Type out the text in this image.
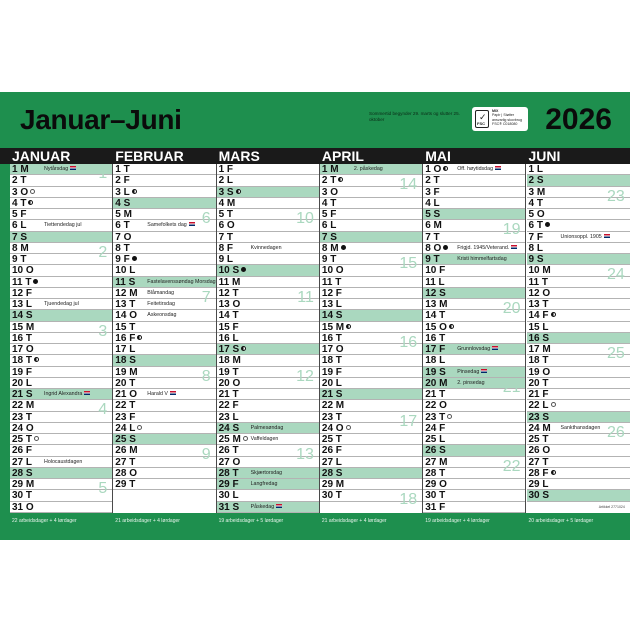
Januar–Juni	Sommertid begynder 29. marts og slutter 25. oktober	✓
FSC
MIX
Papir | Støtter
ansvarlig skovbrug
FSC® C018080 2026
JANUAR
1 M	Nytårsdag
2 T
3 O
4 T
5 F
6 L	Tiettendedag jul
7 S
8 M
9 T
10 O
11 T
12 F
13 L Tjuendedag jul
14 S
15 M
16 T
17 O
18 T
19 F
20 L
21 S Ingrid Alexandra
22 M
23 T
24 O
25 T
26 F
27 L Holocaustdagen
28 S
29 M
30 T
31 O
1
2
3
4
5
FEBRUAR
1 T
2 F
3 L
4 S
5 M
6 T	Samefolkets dag
7 O
8 T
9 F
10 L
11 S Fastelavenssøndag Morsdag
12 M Blåmandag
13 T Feitetirsdag
14 O Askeonsdag
15 T
16 F
17 L
18 S
19 M
20 T
21 O Harald V
22 T
23 F
24 L
25 S
26 M
27 T
28 O
29 T
6
7
8
9
MARS
1 F
2 L
3 S
4 M
5 T
6 O
7 T
8 F	Kvinnedagen
9 L
10 S
11 M
12 T
13 O
14 T
15 F
16 L
17 S
18 M
19 T
20 O
21 T
22 F
23 L
24 S Palmesøndag
25 M	Vaffeldagen
26 T
27 O
28 T Skjærtorsdag
29 F Langfredag
30 L
31 S Påskedag
10
11
12
13
APRIL
1 M	2. påskedag
2 T
3 O
4 T
5 F
6 L
7 S
8 M
9 T
10 O
11 T
12 F
13 L
14 S
15 M
16 T
17 O
18 T
19 F
20 L
21 S
22 M
23 T
24 O
25 T
26 F
27 L
28 S
29 M
30 T
14
15
16
17
18
MAI
1 O	Off. høytidsdag
2 T
3 F
4 L
5 S
6 M
7 T
8 O	Frigjd. 1945/Veterand.
9 T	Kristi himmelfartsdag
10 F
11 L
12 S
13 M
14 T
15 O
16 T
17 F Grunnlovsdag
18 L
19 S Pinsedag
20 M 2. pinsedag
21 T
22 O
23 T
24 F
25 L
26 S
27 M
28 T
29 O
30 T
31 F
19
20
21
22
JUNI
1 L
2 S
3 M
4 T
5 O
6 T
7 F	Unionsoppl. 1905
8 L
9 S
10 M
11 T
12 O
13 T
14 F
15 L
16 S
17 M
18 T
19 O
20 T
21 F
22 L
23 S
24 M Sankthansdagen
25 T
26 O
27 T
28 F
29 L
30 S
23
24
25
26
Artikkel 2771024
22 arbeidsdager + 4 lørdager	21 arbeidsdager + 4 lørdager	19 arbeidsdager + 5 lørdager	21 arbeidsdager + 4 lørdager	19 arbeidsdager + 4 lørdager	20 arbeidsdager + 5 lørdager
